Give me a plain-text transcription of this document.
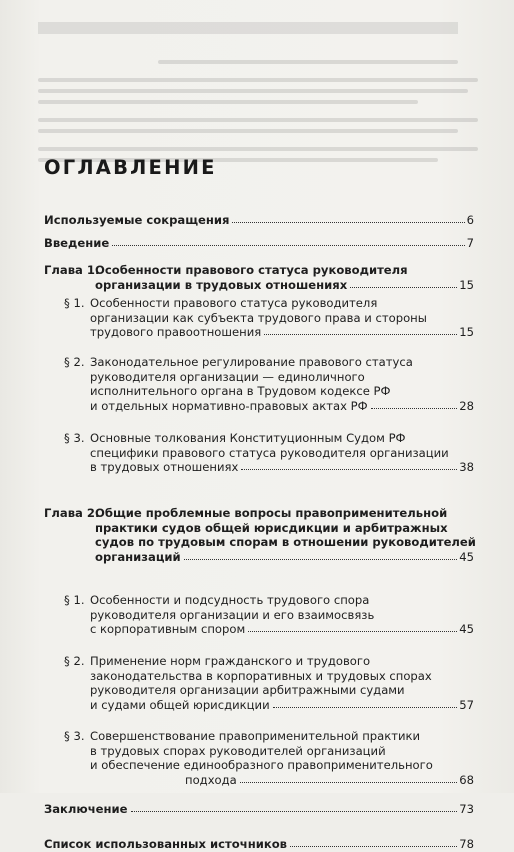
ОГЛАВЛЕНИЕ
Используемые сокращения	6
Введение	7
Глава 1.
Особенности правового статуса руководителя
организации в трудовых отношениях	15
§ 1. Особенности правового статуса руководителя
организации как субъекта трудового права и стороны
трудового правоотношения	15
§ 2. Законодательное регулирование правового статуса
руководителя организации — единоличного
исполнительного органа в Трудовом кодексе РФ
и отдельных нормативно-правовых актах РФ	28
§ 3. Основные толкования Конституционным Судом РФ
специфики правового статуса руководителя организации
в трудовых отношениях	38
Глава 2.
Общие проблемные вопросы правоприменительной
практики судов общей юрисдикции и арбитражных
судов по трудовым спорам в отношении руководителей
организаций	45
§ 1. Особенности и подсудность трудового спора
руководителя организации и его взаимосвязь
с корпоративным спором	45
§ 2. Применение норм гражданского и трудового
законодательства в корпоративных и трудовых спорах
руководителя организации арбитражными судами
и судами общей юрисдикции	57
§ 3. Совершенствование правоприменительной практики
в трудовых спорах руководителей организаций
и обеспечение единообразного правоприменительного
подхода	68
Заключение	73
Список использованных источников	78
